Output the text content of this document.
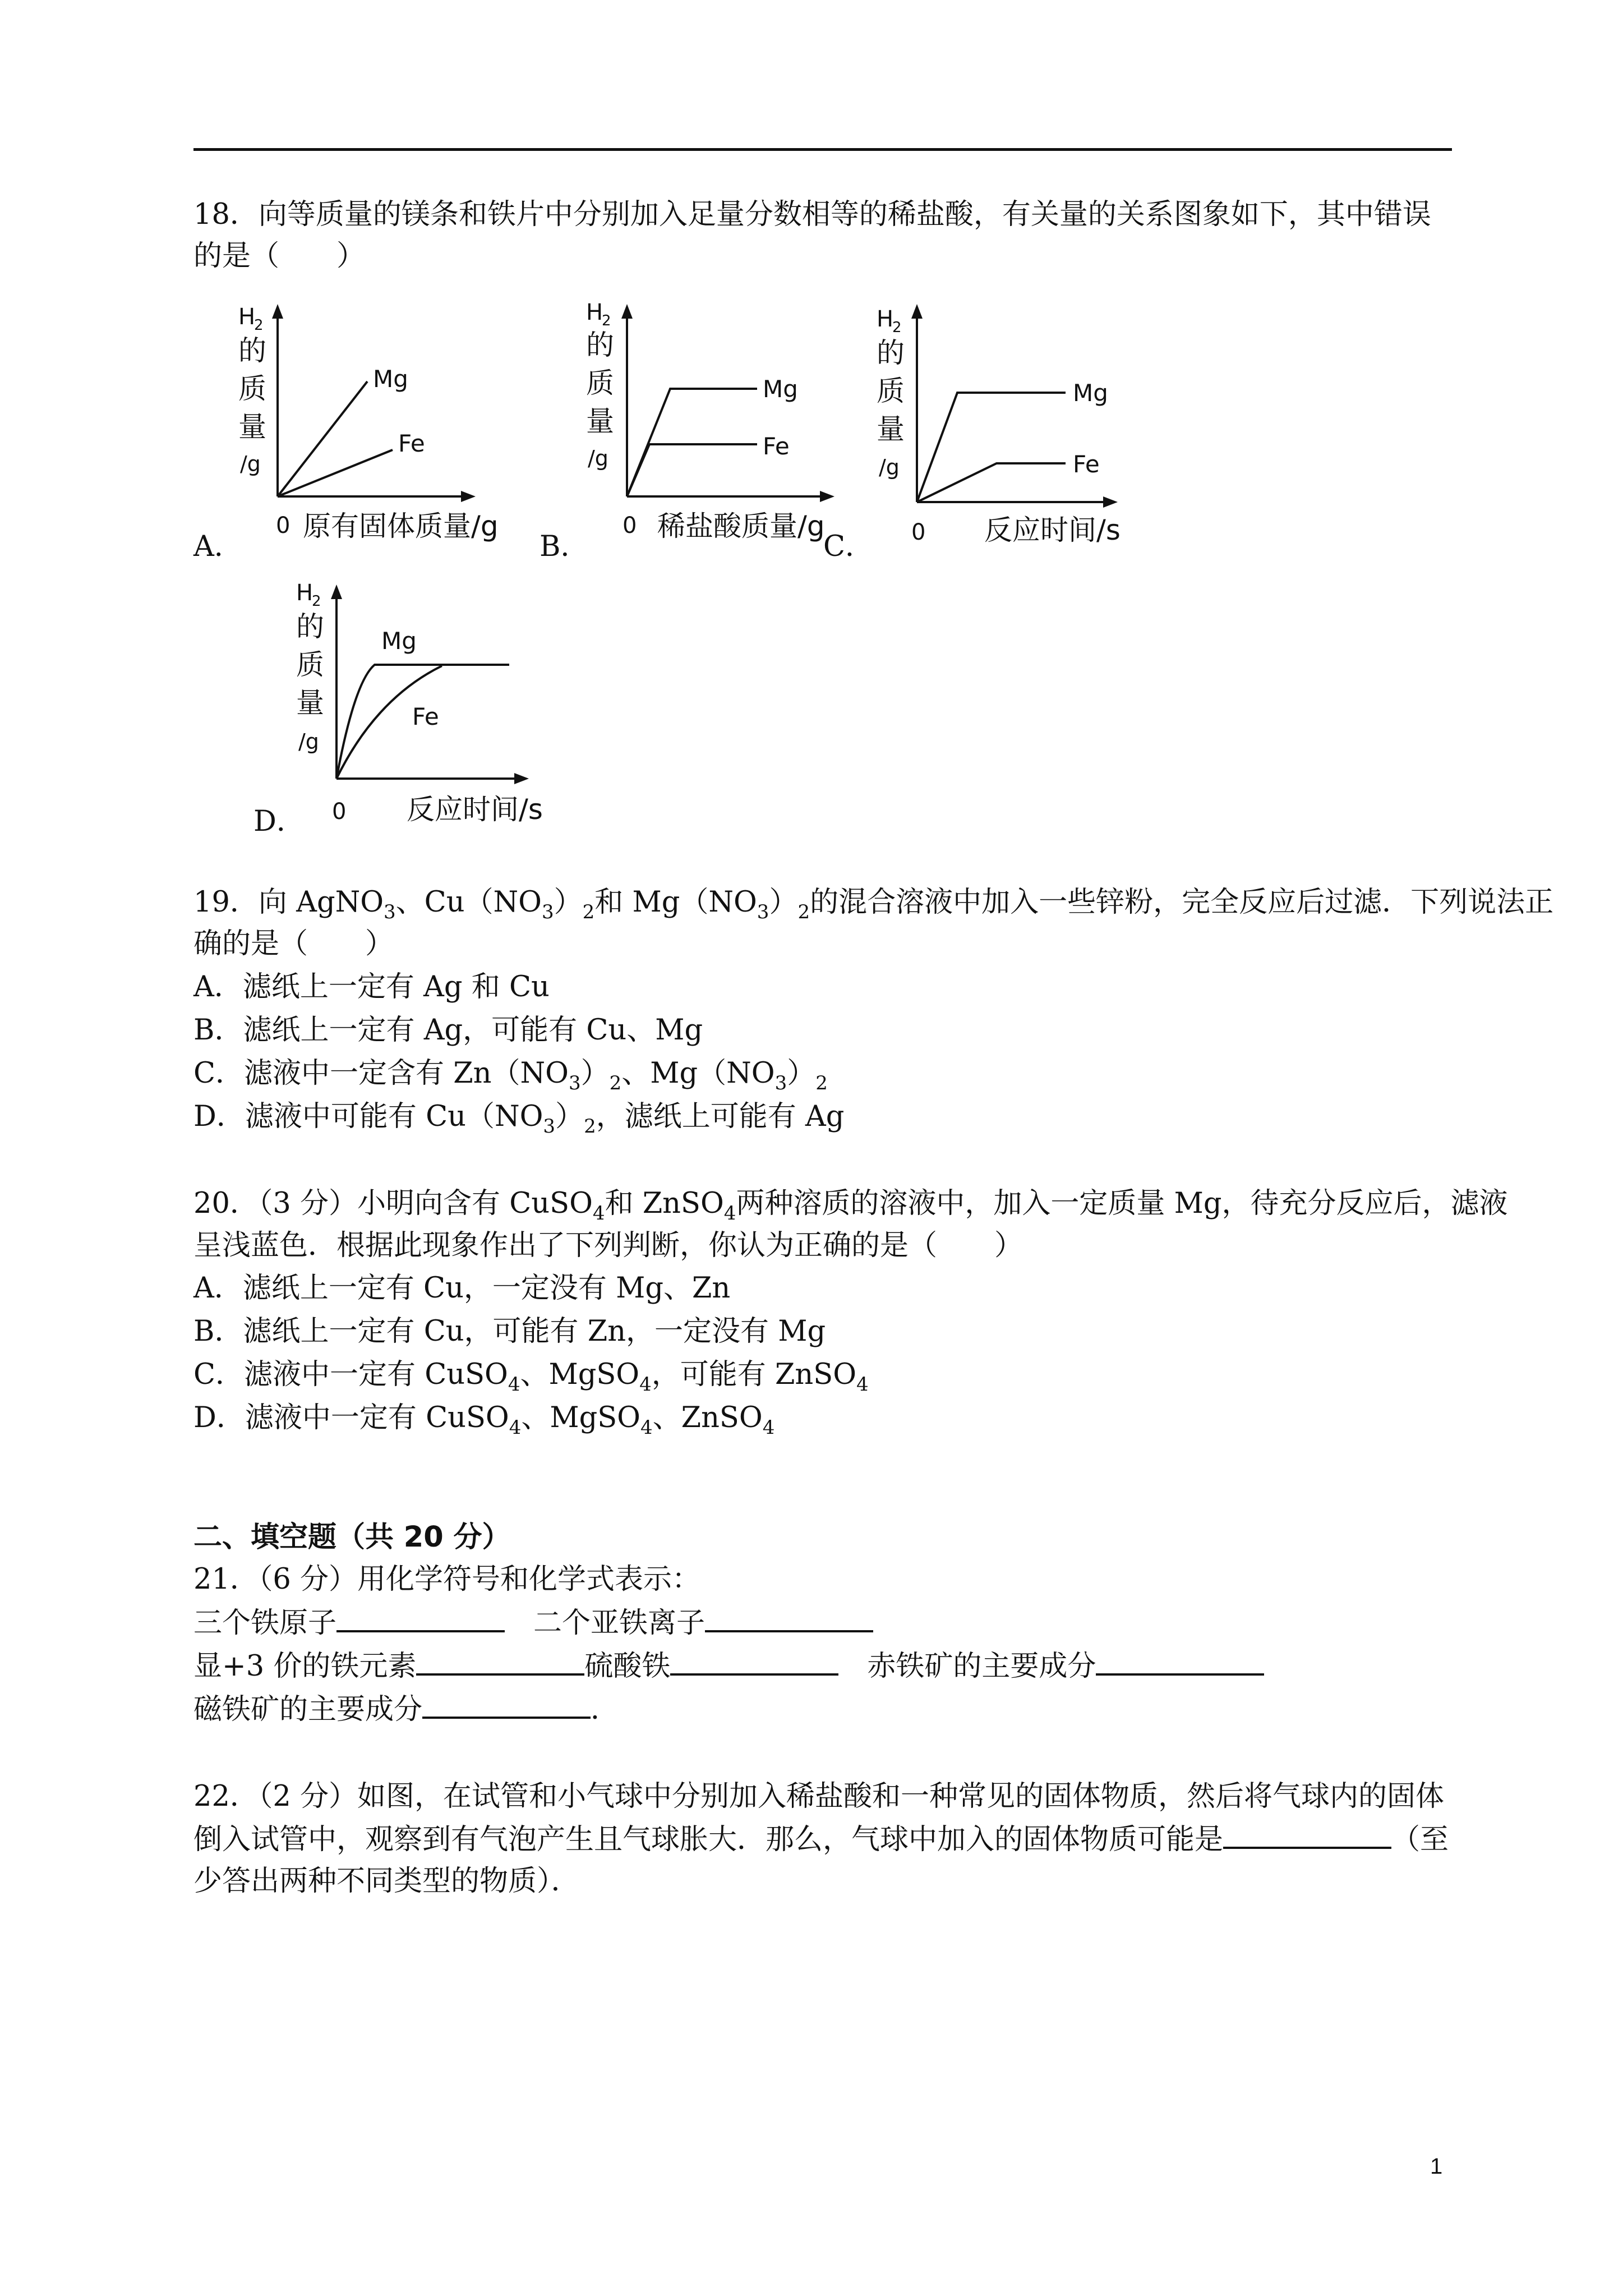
18．向等质量的镁条和铁片中分别加入足量分数相等的稀盐酸，有关量的关系图象如下，其中错误
的是（　　）
H
2
的
质
量
/g
0
Mg
Fe
原有固体质量/g
A．
H
2
的
质
量
/g
0
Mg
Fe
稀盐酸质量/g
B．	C．
H
2
的
质
量
/g
0
Mg
Fe
反应时间/s
H
2
的
质
量
/g
0
Mg
Fe
反应时间/s
D．
19．向 AgNO$_3$、$Cu(NO_3)_2$和 $Mg(NO_3)_2$的混合溶液中加入一些锌粉，完全反应后过滤．下列说法正
确的是（　　）
A．滤纸上一定有 Ag 和 Cu
B．滤纸上一定有 Ag，可能有 Cu、Mg
C．滤液中一定含有 $Zn(NO_3)_2$、$Mg(NO_3)_2$
D．滤液中可能有 $Cu(NO_3)_2$，滤纸上可能有 Ag
20．（3 分）小明向含有 CuSO$_4$和 ZnSO$_4$两种溶质的溶液中，加入一定质量 Mg，待充分反应后，滤液
呈浅蓝色．根据此现象作出了下列判断，你认为正确的是（　　）
A．滤纸上一定有 Cu，一定没有 Mg、Zn
B．滤纸上一定有 Cu，可能有 Zn，一定没有 Mg
C．滤液中一定有 CuSO$_4$、MgSO$_4$，可能有 ZnSO$_4$
D．滤液中一定有 CuSO$_4$、MgSO$_4$、ZnSO$_4$
二、填空题（共 20 分）
21．（6 分）用化学符号和化学式表示：
三个铁原子	　二个亚铁离子
显+3 价的铁元素	硫酸铁	　赤铁矿的主要成分
磁铁矿的主要成分	．
22．（2 分）如图，在试管和小气球中分别加入稀盐酸和一种常见的固体物质，然后将气球内的固体
倒入试管中，观察到有气泡产生且气球胀大．那么，气球中加入的固体物质可能是	（至
少答出两种不同类型的物质）．
1
